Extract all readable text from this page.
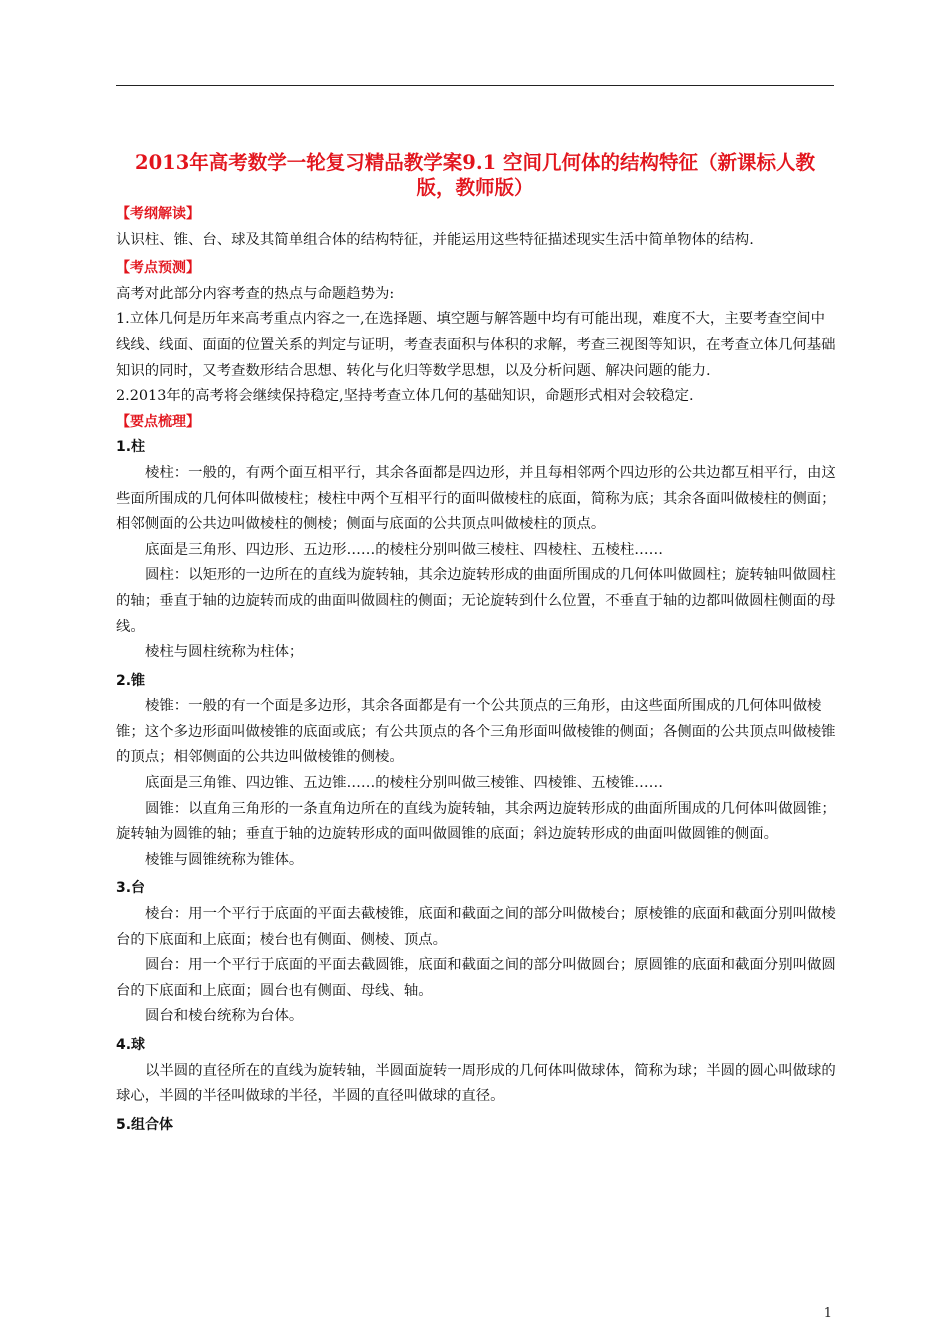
2013年高考数学一轮复习精品教学案9.1 空间几何体的结构特征（新课标人教版，教师版）

【考纲解读】

认识柱、锥、台、球及其简单组合体的结构特征，并能运用这些特征描述现实生活中简单物体的结构.

【考点预测】

高考对此部分内容考查的热点与命题趋势为:

1.立体几何是历年来高考重点内容之一,在选择题、填空题与解答题中均有可能出现，难度不大，主要考查空间中线线、线面、面面的位置关系的判定与证明，考查表面积与体积的求解，考查三视图等知识，在考查立体几何基础知识的同时，又考查数形结合思想、转化与化归等数学思想，以及分析问题、解决问题的能力.

2.2013年的高考将会继续保持稳定,坚持考查立体几何的基础知识，命题形式相对会较稳定.

【要点梳理】

1.柱

棱柱：一般的，有两个面互相平行，其余各面都是四边形，并且每相邻两个四边形的公共边都互相平行，由这些面所围成的几何体叫做棱柱；棱柱中两个互相平行的面叫做棱柱的底面，简称为底；其余各面叫做棱柱的侧面；相邻侧面的公共边叫做棱柱的侧棱；侧面与底面的公共顶点叫做棱柱的顶点。

底面是三角形、四边形、五边形……的棱柱分别叫做三棱柱、四棱柱、五棱柱……

圆柱：以矩形的一边所在的直线为旋转轴，其余边旋转形成的曲面所围成的几何体叫做圆柱；旋转轴叫做圆柱的轴；垂直于轴的边旋转而成的曲面叫做圆柱的侧面；无论旋转到什么位置，不垂直于轴的边都叫做圆柱侧面的母线。

棱柱与圆柱统称为柱体；

2.锥

棱锥：一般的有一个面是多边形，其余各面都是有一个公共顶点的三角形，由这些面所围成的几何体叫做棱锥；这个多边形面叫做棱锥的底面或底；有公共顶点的各个三角形面叫做棱锥的侧面；各侧面的公共顶点叫做棱锥的顶点；相邻侧面的公共边叫做棱锥的侧棱。

底面是三角锥、四边锥、五边锥……的棱柱分别叫做三棱锥、四棱锥、五棱锥……

圆锥：以直角三角形的一条直角边所在的直线为旋转轴，其余两边旋转形成的曲面所围成的几何体叫做圆锥；旋转轴为圆锥的轴；垂直于轴的边旋转形成的面叫做圆锥的底面；斜边旋转形成的曲面叫做圆锥的侧面。

棱锥与圆锥统称为锥体。

3.台

棱台：用一个平行于底面的平面去截棱锥，底面和截面之间的部分叫做棱台；原棱锥的底面和截面分别叫做棱台的下底面和上底面；棱台也有侧面、侧棱、顶点。

圆台：用一个平行于底面的平面去截圆锥，底面和截面之间的部分叫做圆台；原圆锥的底面和截面分别叫做圆台的下底面和上底面；圆台也有侧面、母线、轴。

圆台和棱台统称为台体。

4.球

以半圆的直径所在的直线为旋转轴，半圆面旋转一周形成的几何体叫做球体，简称为球；半圆的圆心叫做球的球心，半圆的半径叫做球的半径，半圆的直径叫做球的直径。

5.组合体

1
